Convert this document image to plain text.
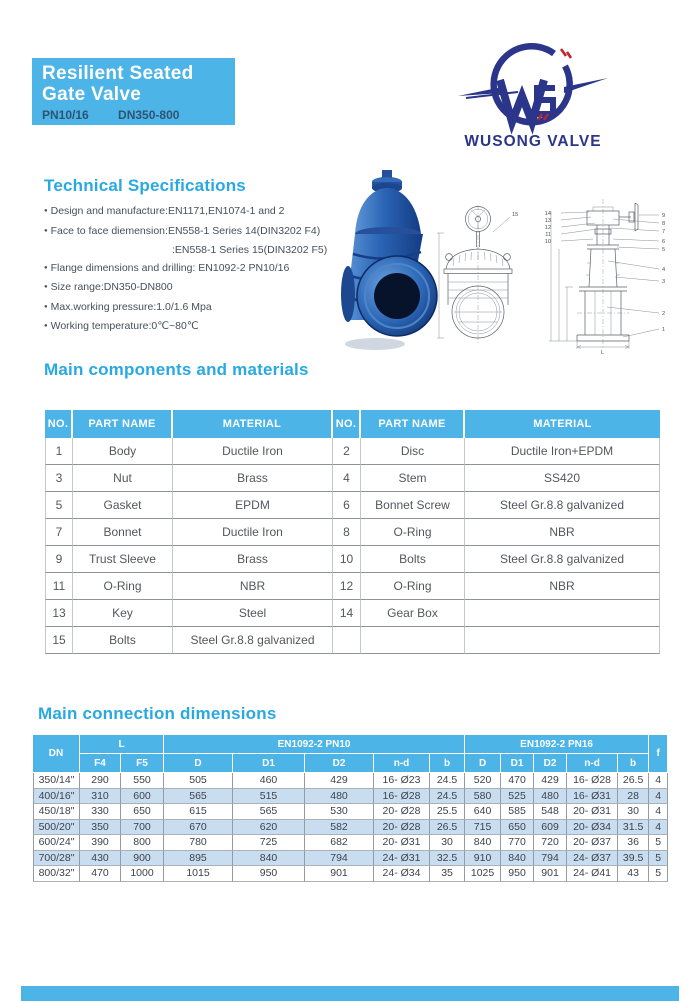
Resilient Seated
Gate Valve
PN10/16 DN350-800
WUSONG VALVE
Technical Specifications
● Design and manufacture:EN1171,EN1074-1 and 2
● Face to face diemension:EN558-1 Series 14(DIN3202 F4)
:EN558-1 Series 15(DIN3202 F5)
● Flange dimensions and drilling: EN1092-2 PN10/16
● Size range:DN350-DN800
● Max.working pressure:1.0/1.6 Mpa
● Working temperature:0℃~80℃
15
L
14
13
12
11
10
9
8
7
6
5
4
3
2
1
Main components and materials
NO.	PART NAME	MATERIAL	NO.	PART NAME	MATERIAL
1	Body	Ductile Iron	2	Disc	Ductile Iron+EPDM
3	Nut	Brass	4	Stem	SS420
5	Gasket	EPDM	6	Bonnet Screw	Steel Gr.8.8 galvanized
7	Bonnet	Ductile Iron	8	O-Ring	NBR
9	Trust Sleeve	Brass	10	Bolts	Steel Gr.8.8 galvanized
11	O-Ring	NBR	12	O-Ring	NBR
13	Key	Steel	14	Gear Box	
15	Bolts	Steel Gr.8.8 galvanized			
Main connection dimensions
DN	L		EN1092-2 PN10					EN1092-2 PN16					f
	F4	F5	D	D1	D2	n-d	b	D	D1	D2	n-d	b	
350/14"	290	550	505	460	429	16- Ø23	24.5	520	470	429	16- Ø28	26.5	4
400/16"	310	600	565	515	480	16- Ø28	24.5	580	525	480	16- Ø31	28	4
450/18"	330	650	615	565	530	20- Ø28	25.5	640	585	548	20- Ø31	30	4
500/20"	350	700	670	620	582	20- Ø28	26.5	715	650	609	20- Ø34	31.5	4
600/24"	390	800	780	725	682	20- Ø31	30	840	770	720	20- Ø37	36	5
700/28"	430	900	895	840	794	24- Ø31	32.5	910	840	794	24- Ø37	39.5	5
800/32"	470	1000	1015	950	901	24- Ø34	35	1025	950	901	24- Ø41	43	5
